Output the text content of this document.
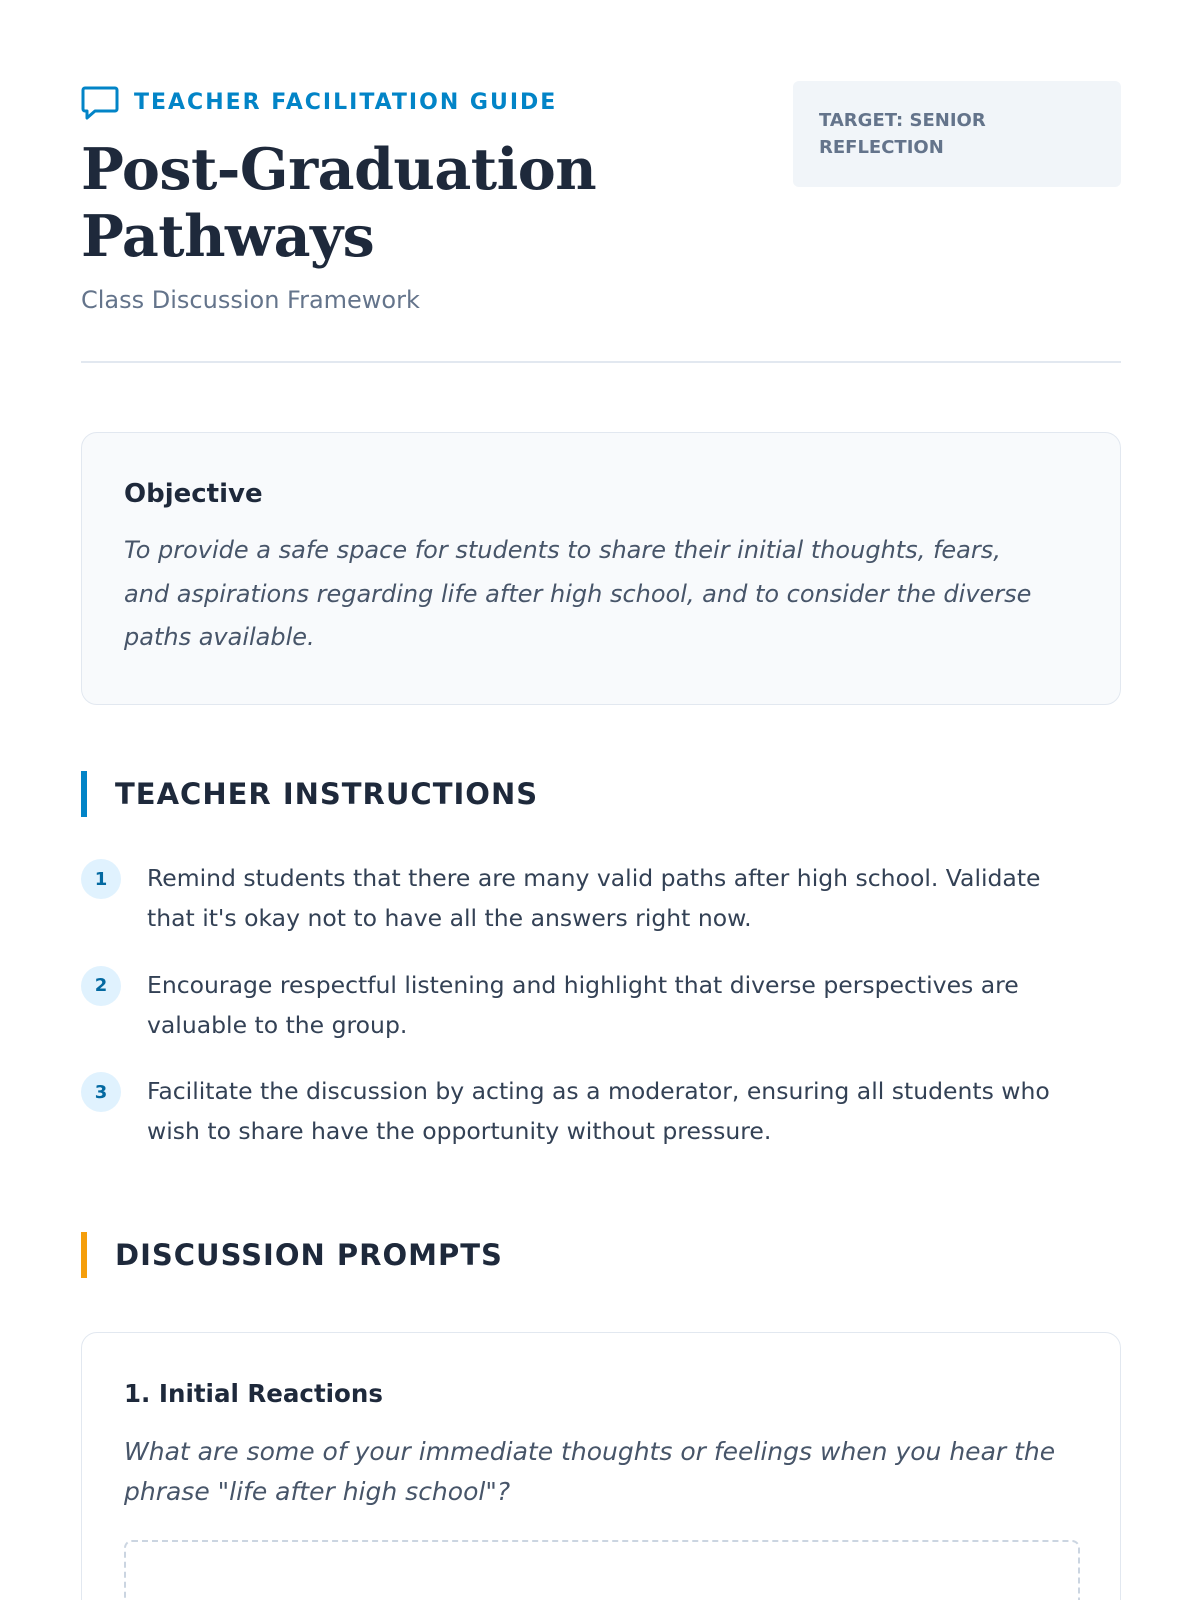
TEACHER FACILITATION GUIDE
Post-Graduation
Pathways
Class Discussion Framework
TARGET: SENIOR
REFLECTION
Objective

To provide a safe space for students to share their initial thoughts, fears,
and aspirations regarding life after high school, and to consider the diverse
paths available.

TEACHER INSTRUCTIONS
1	Remind students that there are many valid paths after high school. Validate
that it's okay not to have all the answers right now.
2	Encourage respectful listening and highlight that diverse perspectives are
valuable to the group.
3	Facilitate the discussion by acting as a moderator, ensuring all students who
wish to share have the opportunity without pressure.
DISCUSSION PROMPTS
1. Initial Reactions

What are some of your immediate thoughts or feelings when you hear the
phrase "life after high school"?
